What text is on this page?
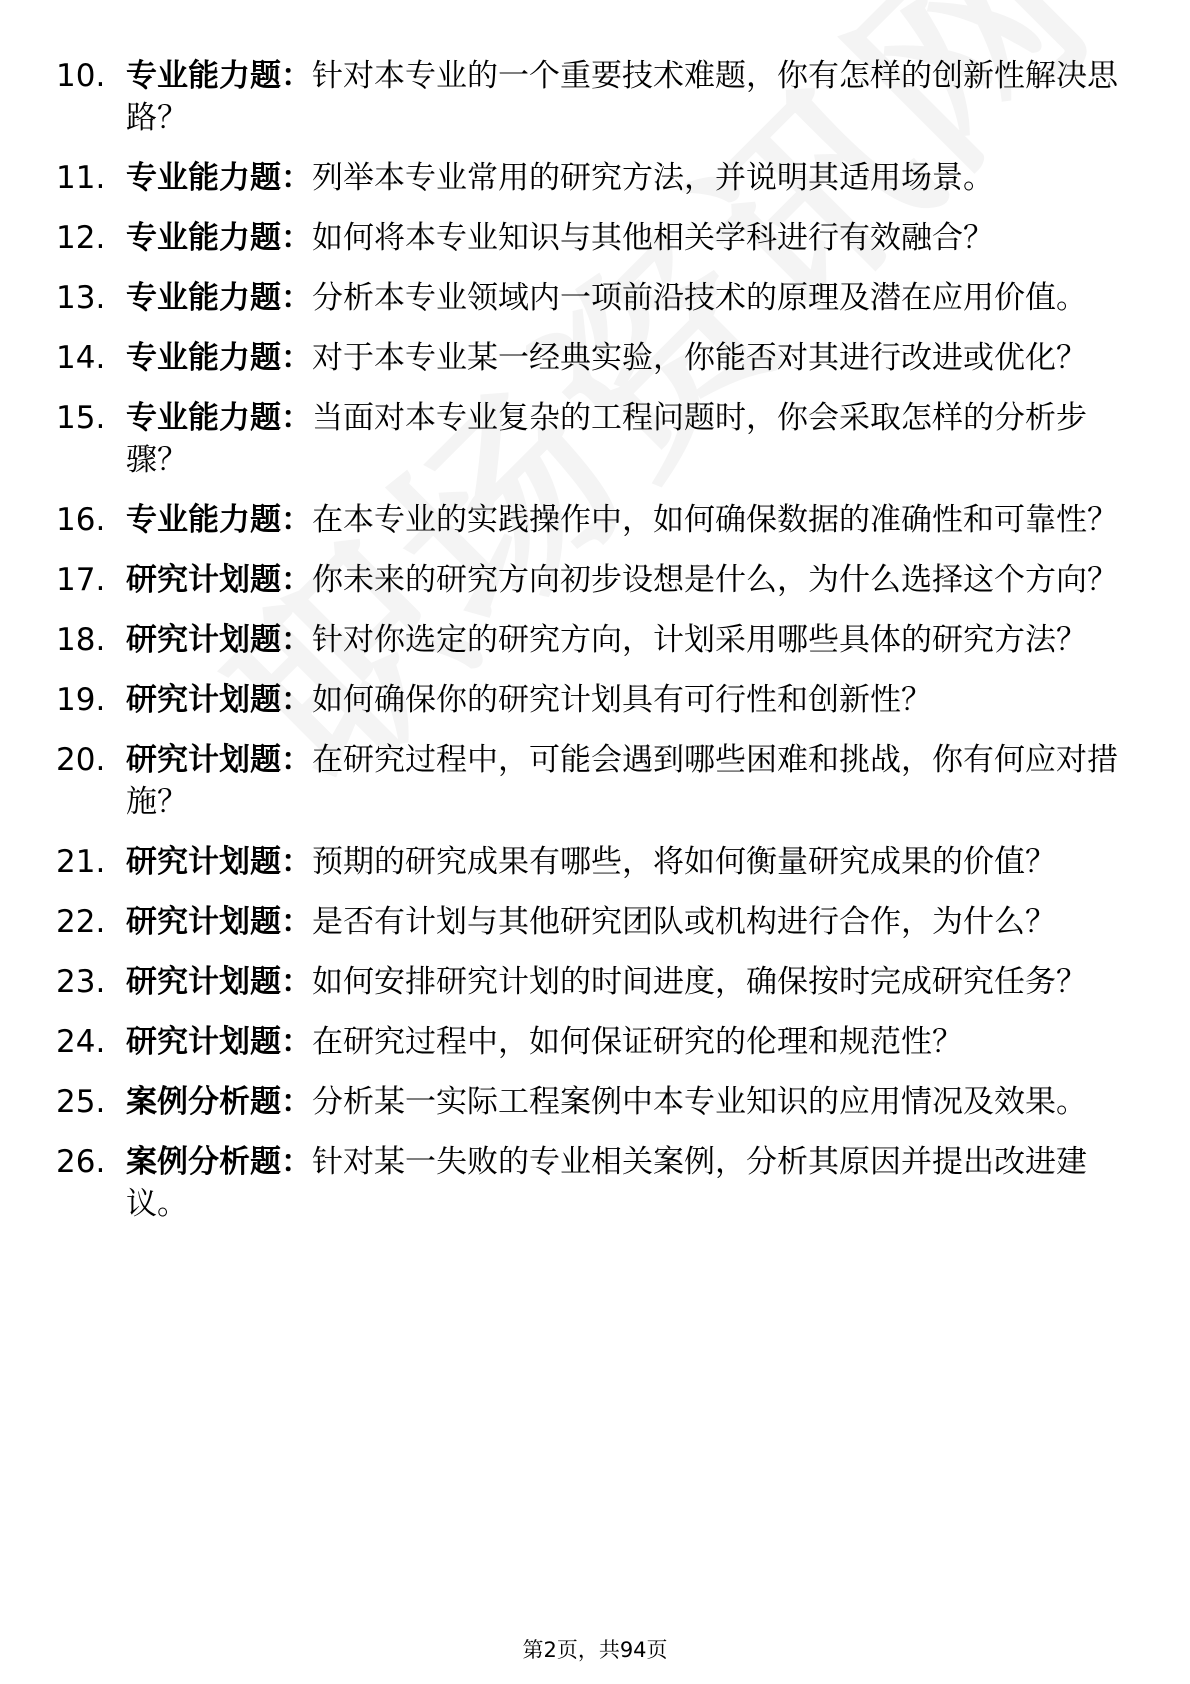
10. 专业能力题：针对本专业的一个重要技术难题，你有怎样的创新性解决思路？
11. 专业能力题：列举本专业常用的研究方法，并说明其适用场景。
12. 专业能力题：如何将本专业知识与其他相关学科进行有效融合？
13. 专业能力题：分析本专业领域内一项前沿技术的原理及潜在应用价值。
14. 专业能力题：对于本专业某一经典实验，你能否对其进行改进或优化？
15. 专业能力题：当面对本专业复杂的工程问题时，你会采取怎样的分析步骤？
16. 专业能力题：在本专业的实践操作中，如何确保数据的准确性和可靠性？
17. 研究计划题：你未来的研究方向初步设想是什么，为什么选择这个方向？
18. 研究计划题：针对你选定的研究方向，计划采用哪些具体的研究方法？
19. 研究计划题：如何确保你的研究计划具有可行性和创新性？
20. 研究计划题：在研究过程中，可能会遇到哪些困难和挑战，你有何应对措施？
21. 研究计划题：预期的研究成果有哪些，将如何衡量研究成果的价值？
22. 研究计划题：是否有计划与其他研究团队或机构进行合作，为什么？
23. 研究计划题：如何安排研究计划的时间进度，确保按时完成研究任务？
24. 研究计划题：在研究过程中，如何保证研究的伦理和规范性？
25. 案例分析题：分析某一实际工程案例中本专业知识的应用情况及效果。
26. 案例分析题：针对某一失败的专业相关案例，分析其原因并提出改进建议。
第2页，共94页
